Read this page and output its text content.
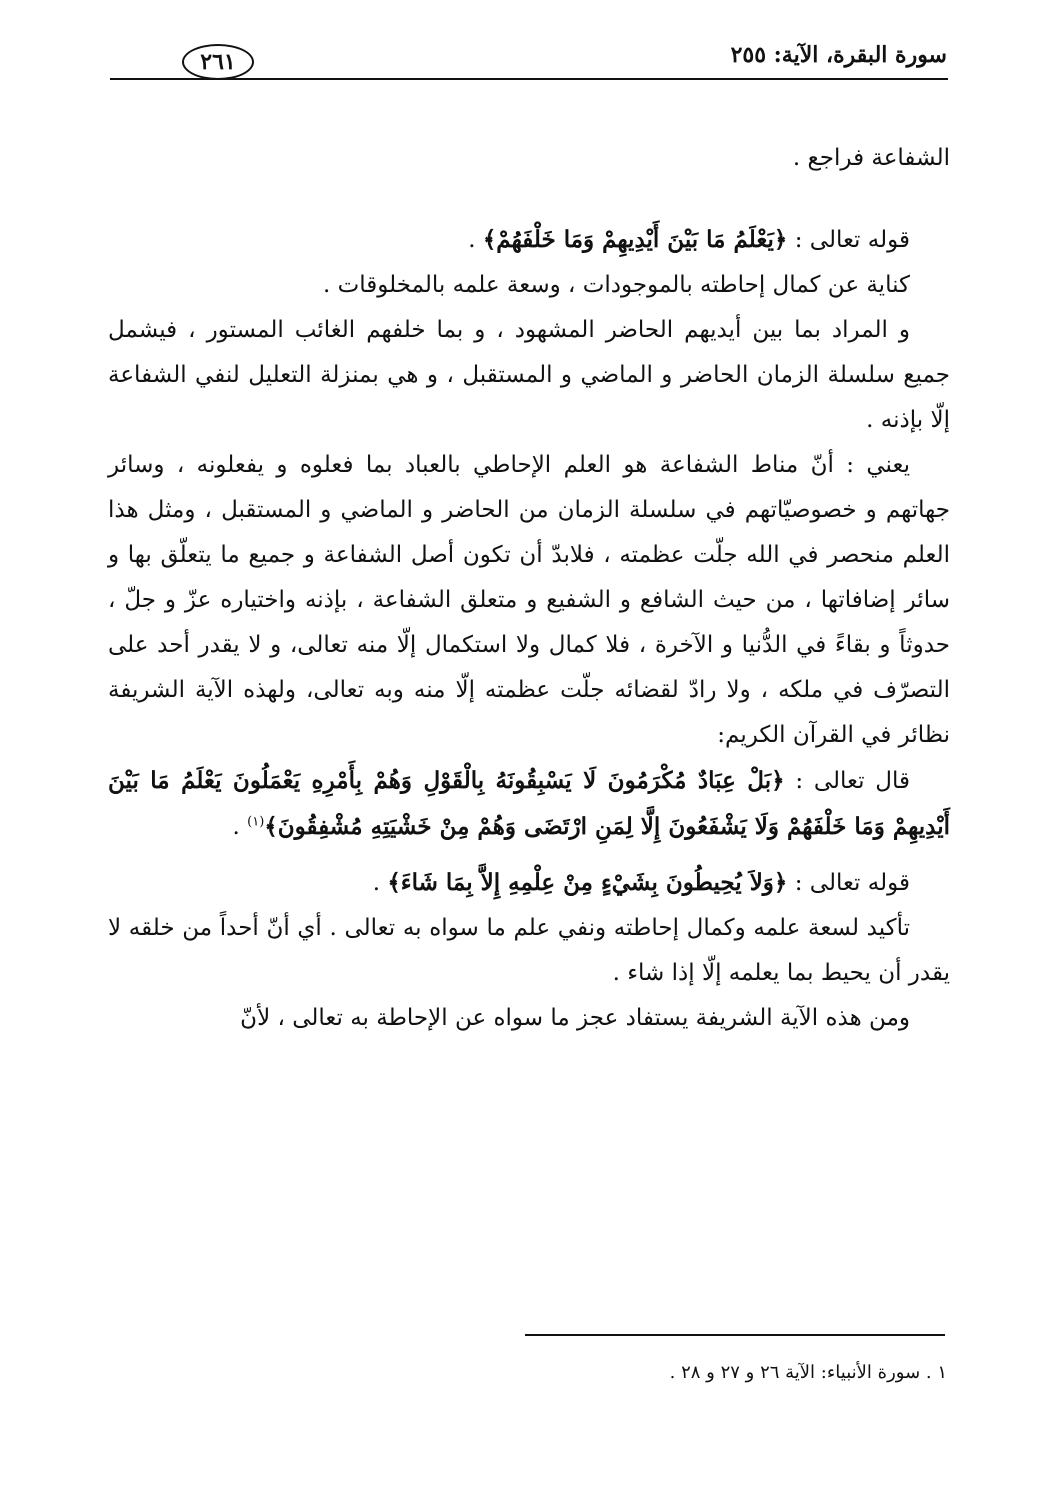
سورة البقرة، الآية: ٢٥٥
٢٦١

الشفاعة فراجع .

قوله تعالى : ﴿يَعْلَمُ مَا بَيْنَ أَيْدِيهِمْ وَمَا خَلْفَهُمْ﴾ .

كناية عن كمال إحاطته بالموجودات ، وسعة علمه بالمخلوقات .

و المراد بما بين أيديهم الحاضر المشهود ، و بما خلفهم الغائب المستور ، فيشمل جميع سلسلة الزمان الحاضر و الماضي و المستقبل ، و هي بمنزلة التعليل لنفي الشفاعة إلّا بإذنه .

يعني : أنّ مناط الشفاعة هو العلم الإحاطي بالعباد بما فعلوه و يفعلونه ، وسائر جهاتهم و خصوصيّاتهم في سلسلة الزمان من الحاضر و الماضي و المستقبل ، ومثل هذا العلم منحصر في الله جلّت عظمته ، فلابدّ أن تكون أصل الشفاعة و جميع ما يتعلّق بها و سائر إضافاتها ، من حيث الشافع و الشفيع و متعلق الشفاعة ، بإذنه واختياره عزّ و جلّ ، حدوثاً و بقاءً في الدُّنيا و الآخرة ، فلا كمال ولا استكمال إلّا منه تعالى، و لا يقدر أحد على التصرّف في ملكه ، ولا رادّ لقضائه جلّت عظمته إلّا منه وبه تعالى، ولهذه الآية الشريفة نظائر في القرآن الكريم:

قال تعالى : ﴿بَلْ عِبَادٌ مُكْرَمُونَ لَا يَسْبِقُونَهُ بِالْقَوْلِ وَهُمْ بِأَمْرِهِ يَعْمَلُونَ يَعْلَمُ مَا بَيْنَ أَيْدِيهِمْ وَمَا خَلْفَهُمْ وَلَا يَشْفَعُونَ إِلَّا لِمَنِ ارْتَضَى وَهُمْ مِنْ خَشْيَتِهِ مُشْفِقُونَ﴾$^{(١)}$ .

قوله تعالى : ﴿وَلاَ يُحِيطُونَ بِشَيْءٍ مِنْ عِلْمِهِ إِلاَّ بِمَا شَاءَ﴾ .

تأكيد لسعة علمه وكمال إحاطته ونفي علم ما سواه به تعالى . أي أنّ أحداً من خلقه لا يقدر أن يحيط بما يعلمه إلّا إذا شاء .

ومن هذه الآية الشريفة يستفاد عجز ما سواه عن الإحاطة به تعالى ، لأنّ

١ . سورة الأنبياء: الآية ٢٦ و ٢٧ و ٢٨ .
